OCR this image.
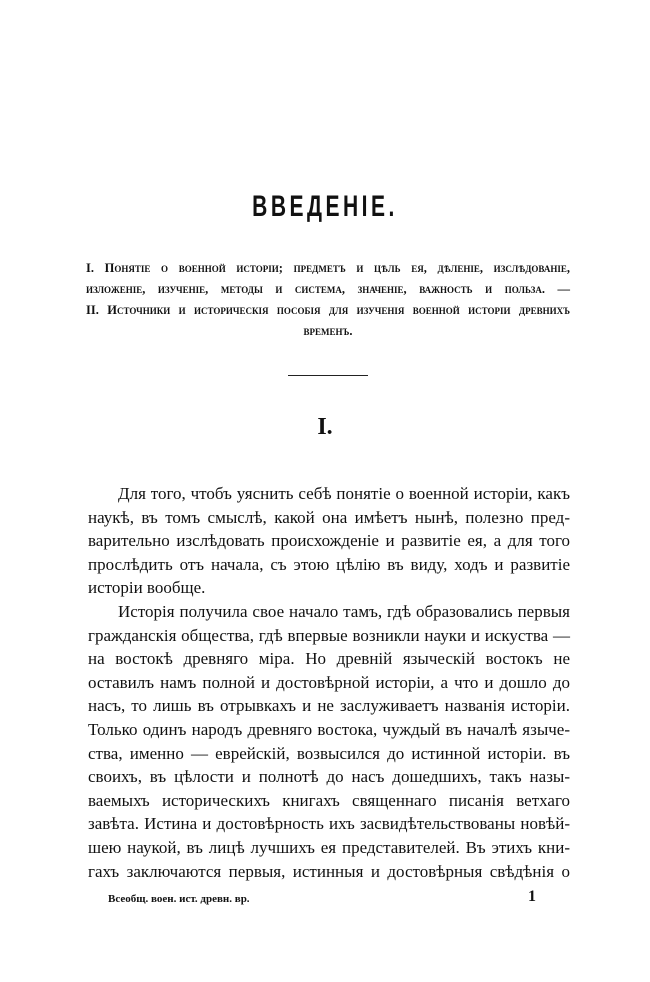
ВВЕДЕНІЕ.
I. Понятіе о военной исторіи; предметъ и цѣль ея, дѣленіе, изслѣдованіе,
изложеніе, изученіе, методы и система, значеніе, важность и польза. —
II. Источники и историческія пособія для изученія военной исторіи древнихъ
временъ.
I.
Для того, чтобъ уяснить себѣ понятіе о военной исторіи, какъ
наукѣ, въ томъ смыслѣ, какой она имѣетъ нынѣ, полезно пред-
варительно изслѣдовать происхожденіе и развитіе ея, а для того
прослѣдить отъ начала, съ этою цѣлію въ виду, ходъ и развитіе
исторіи вообще.
Исторія получила свое начало тамъ, гдѣ образовались первыя
гражданскія общества, гдѣ впервые возникли науки и искуства —
на востокѣ древняго міра. Но древній языческій востокъ не
оставилъ намъ полной и достовѣрной исторіи, а что и дошло до
насъ, то лишь въ отрывкахъ и не заслуживаетъ названія исторіи.
Только одинъ народъ древняго востока, чуждый въ началѣ языче-
ства, именно — еврейскій, возвысился до истинной исторіи. въ
своихъ, въ цѣлости и полнотѣ до насъ дошедшихъ, такъ назы-
ваемыхъ историческихъ книгахъ священнаго писанія ветхаго
завѣта. Истина и достовѣрность ихъ засвидѣтельствованы новѣй-
шею наукой, въ лицѣ лучшихъ ея представителей. Въ этихъ кни-
гахъ заключаются первыя, истинныя и достовѣрныя свѣдѣнія о
Всеобщ. воен. ист. древн. вр.	1
